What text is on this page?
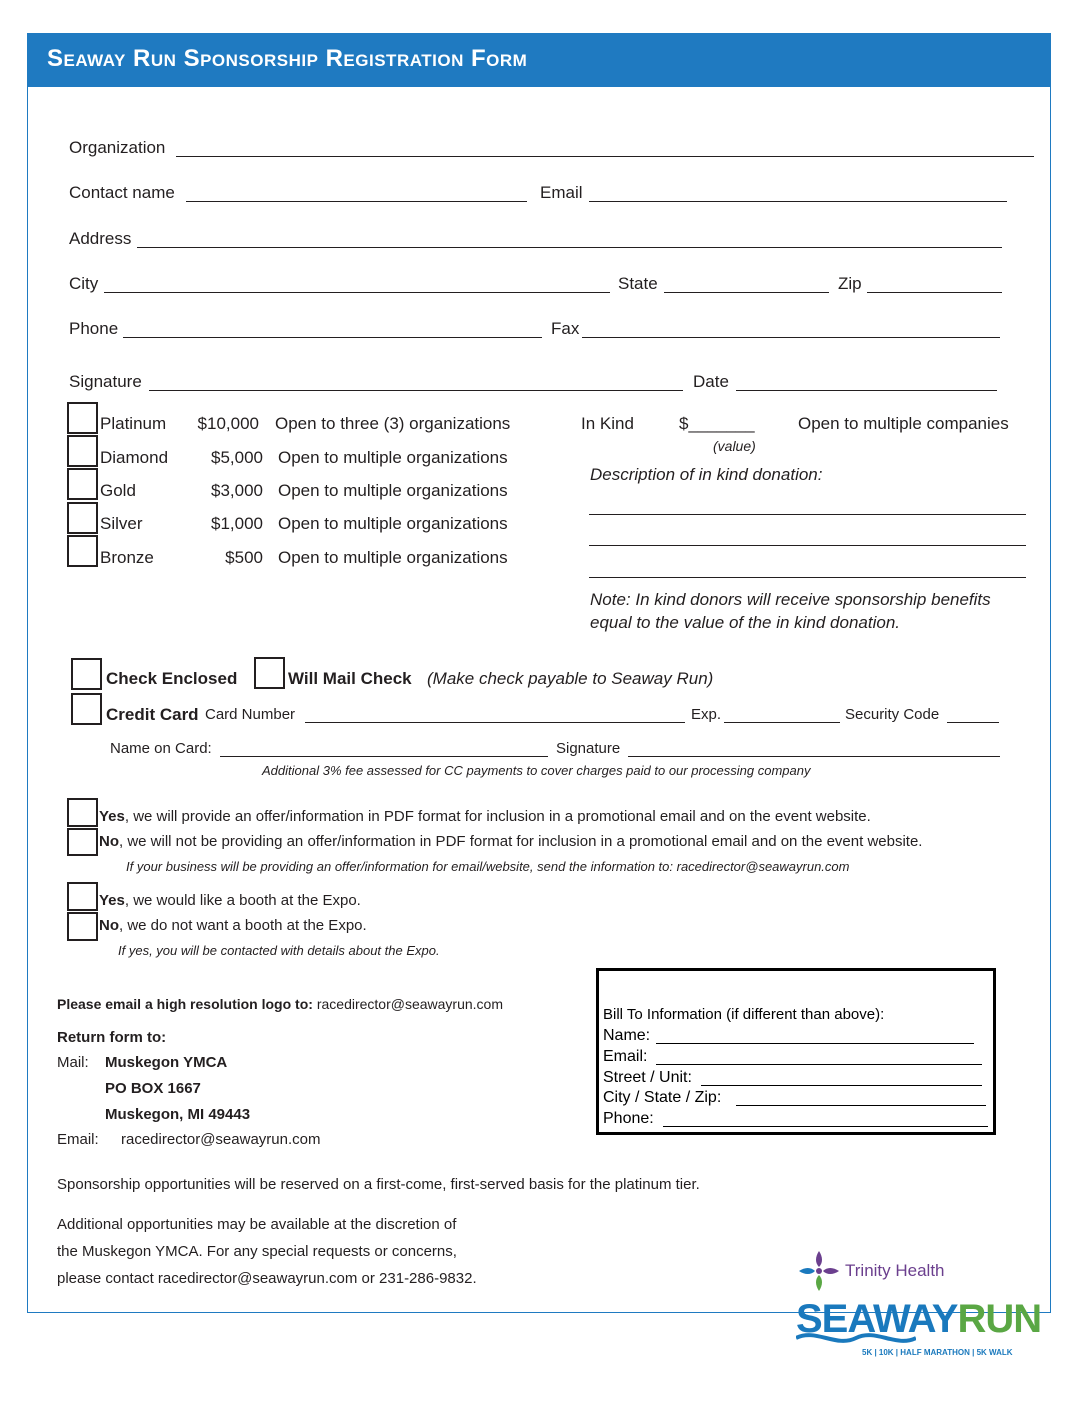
Seaway Run Sponsorship Registration Form
Organization
Contact name	Email
Address
City	State	Zip
Phone	Fax
Signature	Date
Platinum	$10,000 Open to three (3) organizations
Diamond	$5,000 Open to multiple organizations
Gold	$3,000 Open to multiple organizations
Silver	$1,000 Open to multiple organizations
Bronze	$500 Open to multiple organizations
In Kind	$_______
(value)
Open to multiple companies
Description of in kind donation:
Note: In kind donors will receive sponsorship benefits
equal to the value of the in kind donation.
Check Enclosed	Will Mail Check (Make check payable to Seaway Run)
Credit Card Card Number	Exp.	Security Code
Name on Card:	Signature
Additional 3% fee assessed for CC payments to cover charges paid to our processing company
Yes, we will provide an offer/information in PDF format for inclusion in a promotional email and on the event website.
No, we will not be providing an offer/information in PDF format for inclusion in a promotional email and on the event website.
If your business will be providing an offer/information for email/website, send the information to: racedirector@seawayrun.com
Yes, we would like a booth at the Expo.
No, we do not want a booth at the Expo.
If yes, you will be contacted with details about the Expo.
Please email a high resolution logo to: racedirector@seawayrun.com
Return form to:
Mail: Muskegon YMCA
PO BOX 1667
Muskegon, MI 49443
Email: racedirector@seawayrun.com
Bill To Information (if different than above):
Name:
Email:
Street / Unit:
City / State / Zip:
Phone:
Sponsorship opportunities will be reserved on a first-come, first-served basis for the platinum tier.
Additional opportunities may be available at the discretion of
the Muskegon YMCA. For any special requests or concerns,
please contact racedirector@seawayrun.com or 231-286-9832.	Trinity Health
SEAWAYRUN
5K | 10K | HALF MARATHON | 5K WALK
